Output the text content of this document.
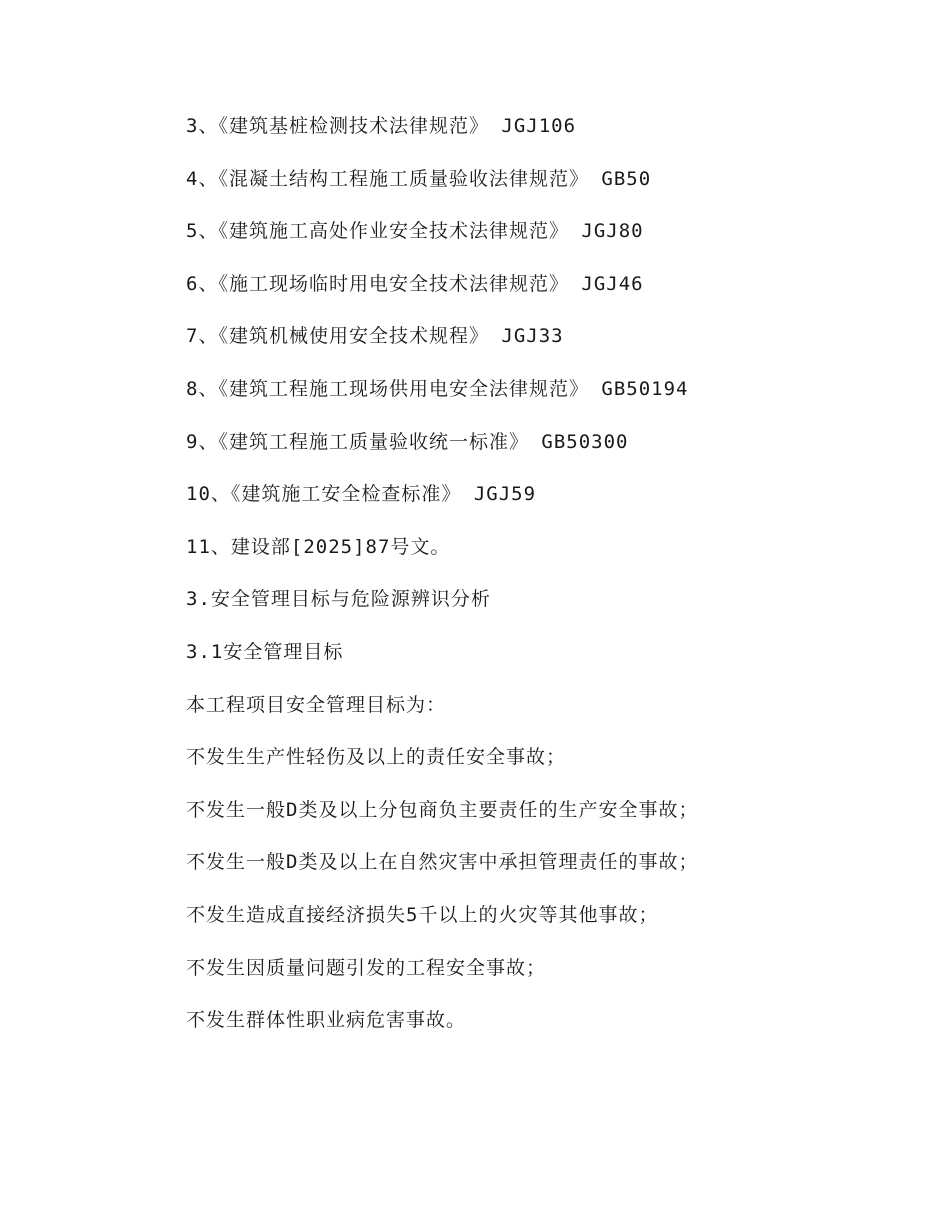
3、《建筑基桩检测技术法律规范》 JGJ106
4、《混凝土结构工程施工质量验收法律规范》 GB50
5、《建筑施工高处作业安全技术法律规范》 JGJ80
6、《施工现场临时用电安全技术法律规范》 JGJ46
7、《建筑机械使用安全技术规程》 JGJ33
8、《建筑工程施工现场供用电安全法律规范》 GB50194
9、《建筑工程施工质量验收统一标准》 GB50300
10、《建筑施工安全检查标准》 JGJ59
11、建设部[2025]87号文。
3.安全管理目标与危险源辨识分析
3.1安全管理目标
本工程项目安全管理目标为：
不发生生产性轻伤及以上的责任安全事故；
不发生一般D类及以上分包商负主要责任的生产安全事故；
不发生一般D类及以上在自然灾害中承担管理责任的事故；
不发生造成直接经济损失5千以上的火灾等其他事故；
不发生因质量问题引发的工程安全事故；
不发生群体性职业病危害事故。
